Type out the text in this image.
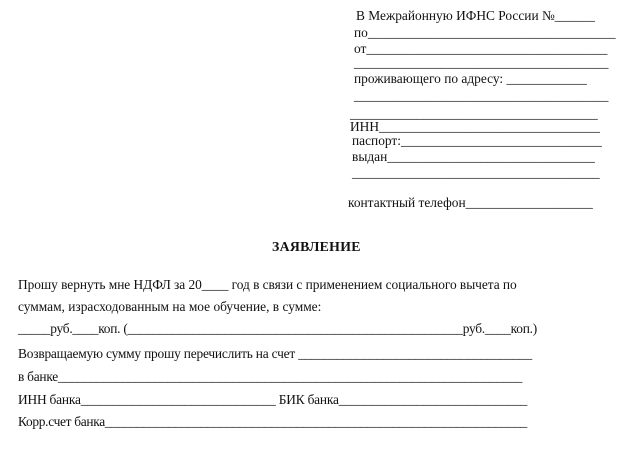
В Межрайонную ИФНС России №______
по_____________________________________
от____________________________________
______________________________________
проживающего по адресу: ____________
______________________________________
_____________________________________
ИНН_________________________________
паспорт:______________________________
выдан_______________________________
_____________________________________
контактный телефон___________________
ЗАЯВЛЕНИЕ
Прошу вернуть мне НДФЛ за 20____ год в связи с применением социального вычета по
суммам, израсходованным на мое обучение, в сумме:
_____руб.____коп. (____________________________________________________руб.____коп.)
Возвращаемую сумму прошу перечислить на счет ____________________________________
в банке________________________________________________________________________
ИНН банка______________________________ БИК банка_____________________________
Корр.счет банка__________________________________________________________________
